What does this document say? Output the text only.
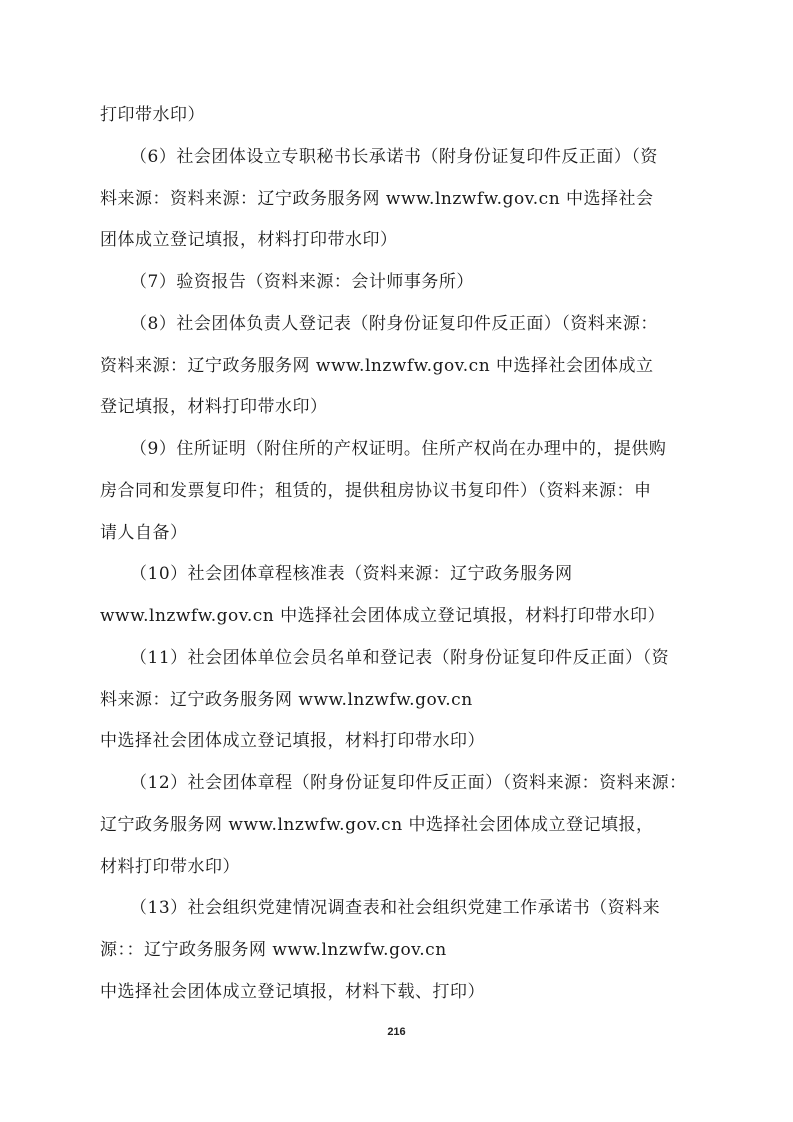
打印带水印）
（6）社会团体设立专职秘书长承诺书（附身份证复印件反正面）（资
料来源：资料来源：辽宁政务服务网 www.lnzwfw.gov.cn 中选择社会
团体成立登记填报，材料打印带水印）
（7）验资报告（资料来源：会计师事务所）
（8）社会团体负责人登记表（附身份证复印件反正面）（资料来源：
资料来源：辽宁政务服务网 www.lnzwfw.gov.cn 中选择社会团体成立
登记填报，材料打印带水印）
（9）住所证明（附住所的产权证明。住所产权尚在办理中的，提供购
房合同和发票复印件；租赁的，提供租房协议书复印件）（资料来源：申
请人自备）
（10）社会团体章程核准表（资料来源：辽宁政务服务网
www.lnzwfw.gov.cn 中选择社会团体成立登记填报，材料打印带水印）
（11）社会团体单位会员名单和登记表（附身份证复印件反正面）（资
料来源：辽宁政务服务网 www.lnzwfw.gov.cn
中选择社会团体成立登记填报，材料打印带水印）
（12）社会团体章程（附身份证复印件反正面）（资料来源：资料来源：
辽宁政务服务网 www.lnzwfw.gov.cn 中选择社会团体成立登记填报，
材料打印带水印）
（13）社会组织党建情况调查表和社会组织党建工作承诺书（资料来
源：：辽宁政务服务网 www.lnzwfw.gov.cn
中选择社会团体成立登记填报，材料下载、打印）
216
